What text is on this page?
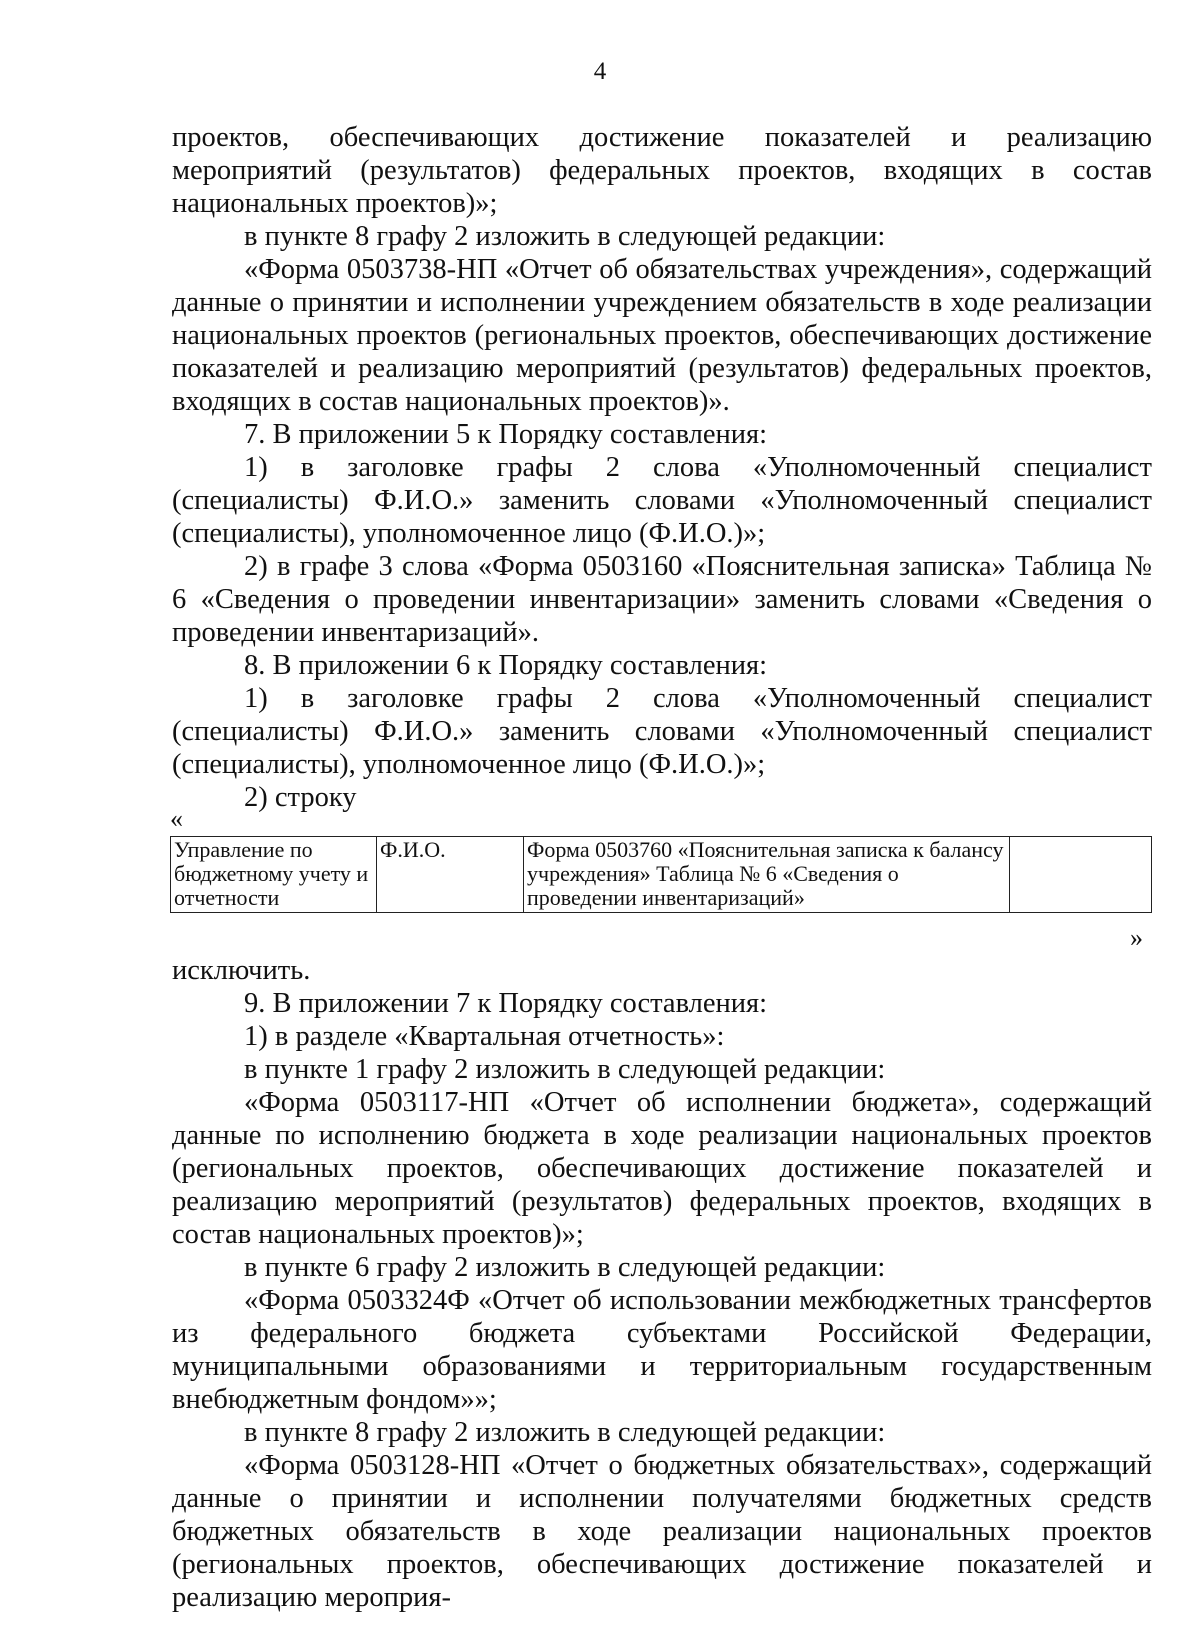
4

проектов, обеспечивающих достижение показателей и реализацию мероприятий (результатов) федеральных проектов, входящих в состав национальных проектов)»;

в пункте 8 графу 2 изложить в следующей редакции:

«Форма 0503738-НП «Отчет об обязательствах учреждения», содержащий данные о принятии и исполнении учреждением обязательств в ходе реализации национальных проектов (региональных проектов, обеспечивающих достижение показателей и реализацию мероприятий (результатов) федеральных проектов, входящих в состав национальных проектов)».

7. В приложении 5 к Порядку составления:

1) в заголовке графы 2 слова «Уполномоченный специалист (специалисты) Ф.И.О.» заменить словами «Уполномоченный специалист (специалисты), уполномоченное лицо (Ф.И.О.)»;

2) в графе 3 слова «Форма 0503160 «Пояснительная записка» Таблица № 6 «Сведения о проведении инвентаризации» заменить словами «Сведения о проведении инвентаризаций».

8. В приложении 6 к Порядку составления:

1) в заголовке графы 2 слова «Уполномоченный специалист (специалисты) Ф.И.О.» заменить словами «Уполномоченный специалист (специалисты), уполномоченное лицо (Ф.И.О.)»;

2) строку

«
Управление по бюджетному учету и отчетности	Ф.И.О.	Форма 0503760 «Пояснительная записка к балансу учреждения» Таблица № 6 «Сведения о проведении инвентаризаций»	
»

исключить.

9. В приложении 7 к Порядку составления:

1) в разделе «Квартальная отчетность»:

в пункте 1 графу 2 изложить в следующей редакции:

«Форма 0503117-НП «Отчет об исполнении бюджета», содержащий данные по исполнению бюджета в ходе реализации национальных проектов (региональных проектов, обеспечивающих достижение показателей и реализацию мероприятий (результатов) федеральных проектов, входящих в состав национальных проектов)»;

в пункте 6 графу 2 изложить в следующей редакции:

«Форма 0503324Ф «Отчет об использовании межбюджетных трансфертов из федерального бюджета субъектами Российской Федерации, муниципальными образованиями и территориальным государственным внебюджетным фондом»»;

в пункте 8 графу 2 изложить в следующей редакции:

«Форма 0503128-НП «Отчет о бюджетных обязательствах», содержащий данные о принятии и исполнении получателями бюджетных средств бюджетных обязательств в ходе реализации национальных проектов (региональных проектов, обеспечивающих достижение показателей и реализацию мероприя-
